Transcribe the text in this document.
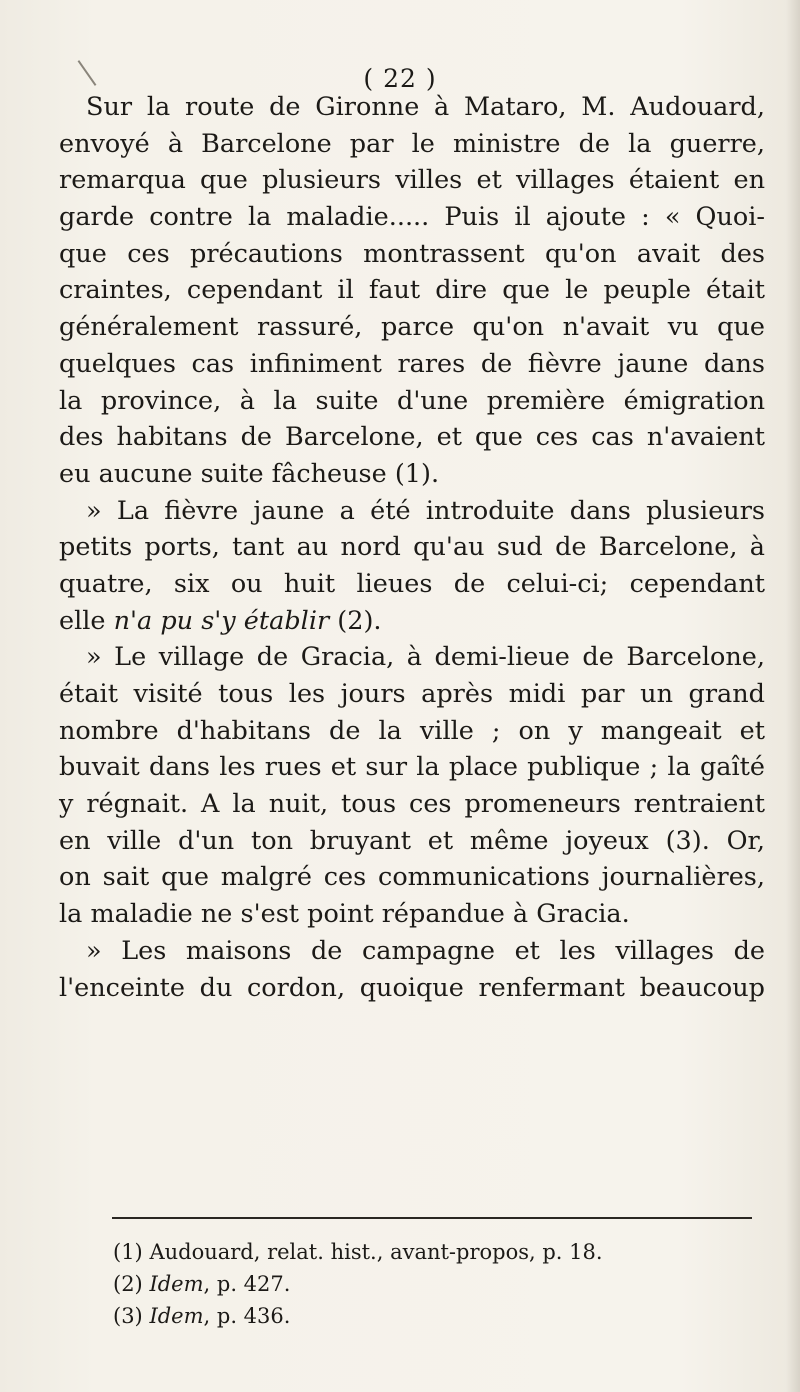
( 22 )
Sur la route de Gironne à Mataro, M. Audouard,
envoyé à Barcelone par le ministre de la guerre,
remarqua que plusieurs villes et villages étaient en
garde contre la maladie..... Puis il ajoute : « Quoi-
que ces précautions montrassent qu'on avait des
craintes, cependant il faut dire que le peuple était
généralement rassuré, parce qu'on n'avait vu que
quelques cas infiniment rares de fièvre jaune dans
la province, à la suite d'une première émigration
des habitans de Barcelone, et que ces cas n'avaient
eu aucune suite fâcheuse (1).
» La fièvre jaune a été introduite dans plusieurs
petits ports, tant au nord qu'au sud de Barcelone, à
quatre, six ou huit lieues de celui-ci; cependant
elle n'a pu s'y établir (2).
» Le village de Gracia, à demi-lieue de Barcelone,
était visité tous les jours après midi par un grand
nombre d'habitans de la ville ; on y mangeait et
buvait dans les rues et sur la place publique ; la gaîté
y régnait. A la nuit, tous ces promeneurs rentraient
en ville d'un ton bruyant et même joyeux (3). Or,
on sait que malgré ces communications journalières,
la maladie ne s'est point répandue à Gracia.
» Les maisons de campagne et les villages de
l'enceinte du cordon, quoique renfermant beaucoup
(1) Audouard, relat. hist., avant-propos, p. 18.
(2) Idem, p. 427.
(3) Idem, p. 436.
